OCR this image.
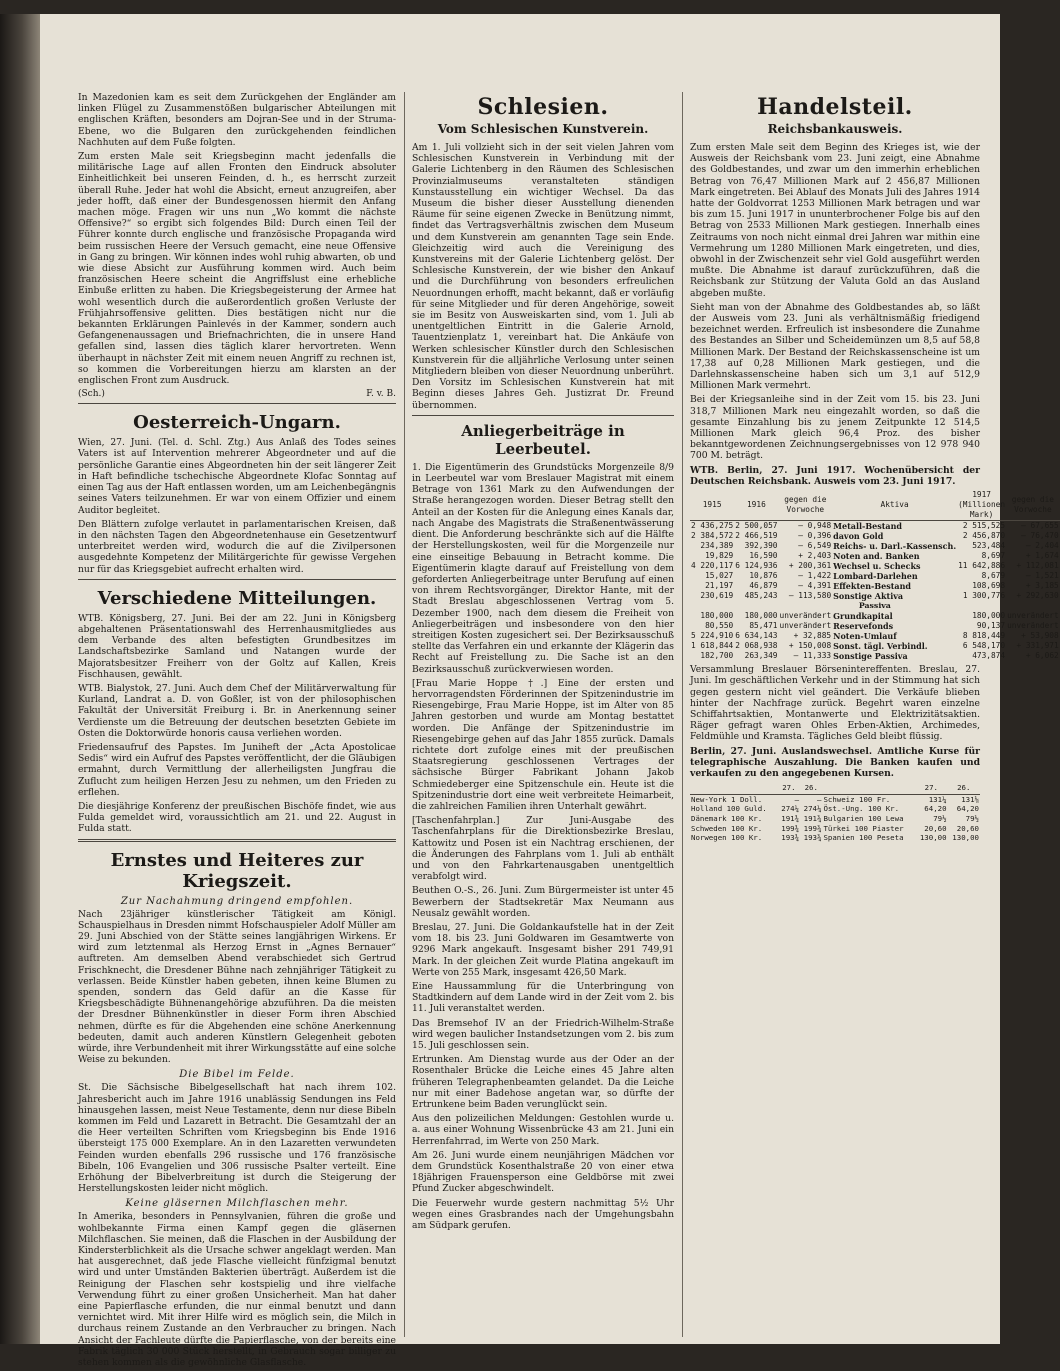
In Mazedonien kam es seit dem Zurückgehen der Engländer am linken Flügel zu Zusammenstößen bulgarischer Abteilungen mit englischen Kräften, besonders am Dojran-See und in der Struma-Ebene, wo die Bulgaren den zurückgehenden feindlichen Nachhuten auf dem Fuße folgten.

Zum ersten Male seit Kriegsbeginn macht jedenfalls die militärische Lage auf allen Fronten den Eindruck absoluter Einheitlichkeit bei unseren Feinden, d. h., es herrscht zurzeit überall Ruhe. Jeder hat wohl die Absicht, erneut anzugreifen, aber jeder hofft, daß einer der Bundesgenossen hiermit den Anfang machen möge. Fragen wir uns nun „Wo kommt die nächste Offensive?“ so ergibt sich folgendes Bild: Durch einen Teil der Führer konnte durch englische und französische Propaganda wird beim russischen Heere der Versuch gemacht, eine neue Offensive in Gang zu bringen. Wir können indes wohl ruhig abwarten, ob und wie diese Absicht zur Ausführung kommen wird. Auch beim französischen Heere scheint die Angriffslust eine erhebliche Einbuße erlitten zu haben. Die Kriegsbegeisterung der Armee hat wohl wesentlich durch die außerordentlich großen Verluste der Frühjahrsoffensive gelitten. Dies bestätigen nicht nur die bekannten Erklärungen Painlevés in der Kammer, sondern auch Gefangenenaussagen und Briefnachrichten, die in unsere Hand gefallen sind, lassen dies täglich klarer hervortreten. Wenn überhaupt in nächster Zeit mit einem neuen Angriff zu rechnen ist, so kommen die Vorbereitungen hierzu am klarsten an der englischen Front zum Ausdruck.

(Sch.)	F. v. B.
Oesterreich-Ungarn.

Wien, 27. Juni. (Tel. d. Schl. Ztg.) Aus Anlaß des Todes seines Vaters ist auf Intervention mehrerer Abgeordneter und auf die persönliche Garantie eines Abgeordneten hin der seit längerer Zeit in Haft befindliche tschechische Abgeordnete Klofac Sonntag auf einen Tag aus der Haft entlassen worden, um am Leichenbegängnis seines Vaters teilzunehmen. Er war von einem Offizier und einem Auditor begleitet.

Den Blättern zufolge verlautet in parlamentarischen Kreisen, daß in den nächsten Tagen den Abgeordnetenhause ein Gesetzentwurf unterbreitet werden wird, wodurch die auf die Zivilpersonen ausgedehnte Kompetenz der Militärgerichte für gewisse Vergehen nur für das Kriegsgebiet aufrecht erhalten wird.

Verschiedene Mitteilungen.

WTB. Königsberg, 27. Juni. Bei der am 22. Juni in Königsberg abgehaltenen Präsentationswahl des Herrenhausmitgliedes aus dem Verbande des alten befestigten Grundbesitzes im Landschaftsbezirke Samland und Natangen wurde der Majoratsbesitzer Freiherr von der Goltz auf Kallen, Kreis Fischhausen, gewählt.

WTB. Bialystok, 27. Juni. Auch dem Chef der Militärverwaltung für Kurland, Landrat a. D. von Goßler, ist von der philosophischen Fakultät der Universität Freiburg i. Br. in Anerkennung seiner Verdienste um die Betreuung der deutschen besetzten Gebiete im Osten die Doktorwürde honoris causa verliehen worden.

Friedensaufruf des Papstes. Im Juniheft der „Acta Apostolicae Sedis“ wird ein Aufruf des Papstes veröffentlicht, der die Gläubigen ermahnt, durch Vermittlung der allerheiligsten Jungfrau die Zuflucht zum heiligen Herzen Jesu zu nehmen, um den Frieden zu erflehen.

Die diesjährige Konferenz der preußischen Bischöfe findet, wie aus Fulda gemeldet wird, voraussichtlich am 21. und 22. August in Fulda statt.

Ernstes und Heiteres zur Kriegszeit.
Zur Nachahmung dringend empfohlen.

Nach 23jähriger künstlerischer Tätigkeit am Königl. Schauspielhaus in Dresden nimmt Hofschauspieler Adolf Müller am 29. Juni Abschied von der Stätte seines langjährigen Wirkens. Er wird zum letztenmal als Herzog Ernst in „Agnes Bernauer“ auftreten. Am demselben Abend verabschiedet sich Gertrud Frischknecht, die Dresdener Bühne nach zehnjähriger Tätigkeit zu verlassen. Beide Künstler haben gebeten, ihnen keine Blumen zu spenden, sondern das Geld dafür an die Kasse für Kriegsbeschädigte Bühnenangehörige abzuführen. Da die meisten der Dresdner Bühnenkünstler in dieser Form ihren Abschied nehmen, dürfte es für die Abgehenden eine schöne Anerkennung bedeuten, damit auch anderen Künstlern Gelegenheit geboten würde, ihre Verbundenheit mit ihrer Wirkungsstätte auf eine solche Weise zu bekunden.

Die Bibel im Felde.

St. Die Sächsische Bibelgesellschaft hat nach ihrem 102. Jahresbericht auch im Jahre 1916 unablässig Sendungen ins Feld hinausgehen lassen, meist Neue Testamente, denn nur diese Bibeln kommen im Feld und Lazarett in Betracht. Die Gesamtzahl der an die Heer verteilten Schriften vom Kriegsbeginn bis Ende 1916 übersteigt 175 000 Exemplare. An in den Lazaretten verwundeten Feinden wurden ebenfalls 296 russische und 176 französische Bibeln, 106 Evangelien und 306 russische Psalter verteilt. Eine Erhöhung der Bibelverbreitung ist durch die Steigerung der Herstellungskosten leider nicht möglich.

Keine gläsernen Milchflaschen mehr.

In Amerika, besonders in Pennsylvanien, führen die große und wohlbekannte Firma einen Kampf gegen die gläsernen Milchflaschen. Sie meinen, daß die Flaschen in der Ausbildung der Kindersterblichkeit als die Ursache schwer angeklagt werden. Man hat ausgerechnet, daß jede Flasche vielleicht fünfzigmal benutzt wird und unter Umständen Bakterien überträgt. Außerdem ist die Reinigung der Flaschen sehr kostspielig und ihre vielfache Verwendung führt zu einer großen Unsicherheit. Man hat daher eine Papierflasche erfunden, die nur einmal benutzt und dann vernichtet wird. Mit ihrer Hilfe wird es möglich sein, die Milch in durchaus reinem Zustande an den Verbraucher zu bringen. Nach Ansicht der Fachleute dürfte die Papierflasche, von der bereits eine Fabrik täglich 30 000 Stück herstellt, in Gebrauch sogar billiger zu stehen kommen als die gewöhnliche Glasflasche.

Schlesien.
Vom Schlesischen Kunstverein.

Am 1. Juli vollzieht sich in der seit vielen Jahren vom Schlesischen Kunstverein in Verbindung mit der Galerie Lichtenberg in den Räumen des Schlesischen Provinzialmuseums veranstalteten ständigen Kunstausstellung ein wichtiger Wechsel. Da das Museum die bisher dieser Ausstellung dienenden Räume für seine eigenen Zwecke in Benützung nimmt, findet das Vertragsverhältnis zwischen dem Museum und dem Kunstverein am genannten Tage sein Ende. Gleichzeitig wird auch die Vereinigung des Kunstvereins mit der Galerie Lichtenberg gelöst. Der Schlesische Kunstverein, der wie bisher den Ankauf und die Durchführung von besonders erfreulichen Neuordnungen erhofft, macht bekannt, daß er vorläufig für seine Mitglieder und für deren Angehörige, soweit sie im Besitz von Ausweiskarten sind, vom 1. Juli ab unentgeltlichen Eintritt in die Galerie Arnold, Tauentzienplatz 1, vereinbart hat. Die Ankäufe von Werken schlesischer Künstler durch den Schlesischen Kunstverein für die alljährliche Verlosung unter seinen Mitgliedern bleiben von dieser Neuordnung unberührt. Den Vorsitz im Schlesischen Kunstverein hat mit Beginn dieses Jahres Geh. Justizrat Dr. Freund übernommen.

Anliegerbeiträge in Leerbeutel.

1. Die Eigentümerin des Grundstücks Morgenzeile 8/9 in Leerbeutel war vom Breslauer Magistrat mit einem Betrage von 1361 Mark zu den Aufwendungen der Straße herangezogen worden. Dieser Betrag stellt den Anteil an der Kosten für die Anlegung eines Kanals dar, nach Angabe des Magistrats die Straßenentwässerung dient. Die Anforderung beschränkte sich auf die Hälfte der Herstellungskosten, weil für die Morgenzeile nur eine einseitige Bebauung in Betracht komme. Die Eigentümerin klagte darauf auf Freistellung von dem geforderten Anliegerbeitrage unter Berufung auf einen von ihrem Rechtsvorgänger, Direktor Hante, mit der Stadt Breslau abgeschlossenen Vertrag vom 5. Dezember 1900, nach dem diesem die Freiheit von Anliegerbeiträgen und insbesondere von den hier streitigen Kosten zugesichert sei. Der Bezirksausschuß stellte das Verfahren ein und erkannte der Klägerin das Recht auf Freistellung zu. Die Sache ist an den Bezirksausschuß zurückverwiesen worden.

[Frau Marie Hoppe †.] Eine der ersten und hervorragendsten Förderinnen der Spitzenindustrie im Riesengebirge, Frau Marie Hoppe, ist im Alter von 85 Jahren gestorben und wurde am Montag bestattet worden. Die Anfänge der Spitzenindustrie im Riesengebirge gehen auf das Jahr 1855 zurück. Damals richtete dort zufolge eines mit der preußischen Staatsregierung geschlossenen Vertrages der sächsische Bürger Fabrikant Johann Jakob Schmiedeberger eine Spitzenschule ein. Heute ist die Spitzenindustrie dort eine weit verbreitete Heimarbeit, die zahlreichen Familien ihren Unterhalt gewährt.

[Taschenfahrplan.] Zur Juni-Ausgabe des Taschenfahrplans für die Direktionsbezirke Breslau, Kattowitz und Posen ist ein Nachtrag erschienen, der die Änderungen des Fahrplans vom 1. Juli ab enthält und von den Fahrkartenausgaben unentgeltlich verabfolgt wird.

Beuthen O.-S., 26. Juni. Zum Bürgermeister ist unter 45 Bewerbern der Stadtsekretär Max Neumann aus Neusalz gewählt worden.

Breslau, 27. Juni. Die Goldankaufstelle hat in der Zeit vom 18. bis 23. Juni Goldwaren im Gesamtwerte von 9296 Mark angekauft. Insgesamt bisher 291 749,91 Mark. In der gleichen Zeit wurde Platina angekauft im Werte von 255 Mark, insgesamt 426,50 Mark.

Eine Haussammlung für die Unterbringung von Stadtkindern auf dem Lande wird in der Zeit vom 2. bis 11. Juli veranstaltet werden.

Das Bremsehof IV an der Friedrich-Wilhelm-Straße wird wegen baulicher Instandsetzungen vom 2. bis zum 15. Juli geschlossen sein.

Ertrunken. Am Dienstag wurde aus der Oder an der Rosenthaler Brücke die Leiche eines 45 Jahre alten früheren Telegraphenbeamten gelandet. Da die Leiche nur mit einer Badehose angetan war, so dürfte der Ertrunkene beim Baden verunglückt sein.

Aus den polizeilichen Meldungen: Gestohlen wurde u. a. aus einer Wohnung Wissenbrücke 43 am 21. Juni ein Herrenfahrrad, im Werte von 250 Mark.

Am 26. Juni wurde einem neunjährigen Mädchen vor dem Grundstück Kosenthalstraße 20 von einer etwa 18jährigen Frauensperson eine Geldbörse mit zwei Pfund Zucker abgeschwindelt.

Die Feuerwehr wurde gestern nachmittag 5½ Uhr wegen eines Grasbrandes nach der Umgehungsbahn am Südpark gerufen.

Handelsteil.
Reichsbankausweis.

Zum ersten Male seit dem Beginn des Krieges ist, wie der Ausweis der Reichsbank vom 23. Juni zeigt, eine Abnahme des Goldbestandes, und zwar um den immerhin erheblichen Betrag von 76,47 Millionen Mark auf 2 456,87 Millionen Mark eingetreten. Bei Ablauf des Monats Juli des Jahres 1914 hatte der Goldvorrat 1253 Millionen Mark betragen und war bis zum 15. Juni 1917 in ununterbrochener Folge bis auf den Betrag von 2533 Millionen Mark gestiegen. Innerhalb eines Zeitraums von noch nicht einmal drei Jahren war mithin eine Vermehrung um 1280 Millionen Mark eingetreten, und dies, obwohl in der Zwischenzeit sehr viel Gold ausgeführt werden mußte. Die Abnahme ist darauf zurückzuführen, daß die Reichsbank zur Stützung der Valuta Gold an das Ausland abgeben mußte.

Sieht man von der Abnahme des Goldbestandes ab, so läßt der Ausweis vom 23. Juni als verhältnismäßig friedigend bezeichnet werden. Erfreulich ist insbesondere die Zunahme des Bestandes an Silber und Scheidemünzen um 8,5 auf 58,8 Millionen Mark. Der Bestand der Reichskassenscheine ist um 17,38 auf 0,28 Millionen Mark gestiegen, und die Darlehnskassenscheine haben sich um 3,1 auf 512,9 Millionen Mark vermehrt.

Bei der Kriegsanleihe sind in der Zeit vom 15. bis 23. Juni 318,7 Millionen Mark neu eingezahlt worden, so daß die gesamte Einzahlung bis zu jenem Zeitpunkte 12 514,5 Millionen Mark gleich 96,4 Proz. des bisher bekanntgewordenen Zeichnungsergebnisses von 12 978 940 700 M. beträgt.

WTB. Berlin, 27. Juni 1917. Wochenübersicht der Deutschen Reichsbank. Ausweis vom 23. Juni 1917.

1915	1916	gegen die Vorwoche	Aktiva	1917 (Millionen Mark)	gegen die Vorwoche
2 436,275	2 500,057	— 0,948	Metall-Bestand	2 515,525	— 67,655
2 384,572	2 466,519	— 0,396	davon Gold	2 456,870	— 76,470
234,389	392,390	— 6,549	Reichs- u. Darl.-Kassensch.	523,484	— 2,404
19,829	16,590	+ 2,403	Noten and. Banken	8,697	+ 1,674
4 220,117	6 124,936	+ 200,361	Wechsel u. Schecks	11 642,886	+ 112,081
15,027	10,876	— 1,422	Lombard-Darlehen	8,679	— 1,521
21,197	46,879	— 4,391	Effekten-Bestand	108,698	+ 3,185
230,619	485,243	— 113,580	Sonstige Aktiva	1 300,776	+ 292,630
Passiva					
180,000	180,000	unverändert	Grundkapital	180,000	unverändert
80,550	85,471	unverändert	Reservefonds	90,137	unverändert
5 224,910	6 634,143	+ 32,885	Noten-Umlauf	8 818,449	+ 53,908
1 618,844	2 068,938	+ 150,008	Sonst. tägl. Verbindl.	6 548,170	+ 331,971
182,700	263,349	— 11,333	Sonstige Passiva	473,874	+ 6,062

Versammlung Breslauer Börsenintereffenten. Breslau, 27. Juni. Im geschäftlichen Verkehr und in der Stimmung hat sich gegen gestern nicht viel geändert. Die Verkäufe blieben hinter der Nachfrage zurück. Begehrt waren einzelne Schiffahrtsaktien, Montanwerte und Elektrizitätsaktien. Räger gefragt waren Ohles Erben-Aktien, Archimedes, Feldmühle und Kramsta. Tägliches Geld bleibt flüssig.

Berlin, 27. Juni. Auslandswechsel. Amtliche Kurse für telegraphische Auszahlung. Die Banken kaufen und verkaufen zu den angegebenen Kursen.

	27.	26.		27.	26.
New-York 1 Doll.	—	—	Schweiz 100 Fr.	131¼	131⅛
Holland 100 Guld.	274¼	274¼	Öst.-Ung. 100 Kr.	64,20	64,20
Dänemark 100 Kr.	191¾	191¾	Bulgarien 100 Lewa	79½	79½
Schweden 100 Kr.	199¾	199¾	Türkei 100 Piaster	20,60	20,60
Norwegen 100 Kr.	193¾	193¾	Spanien 100 Peseta	130,00	130,00
